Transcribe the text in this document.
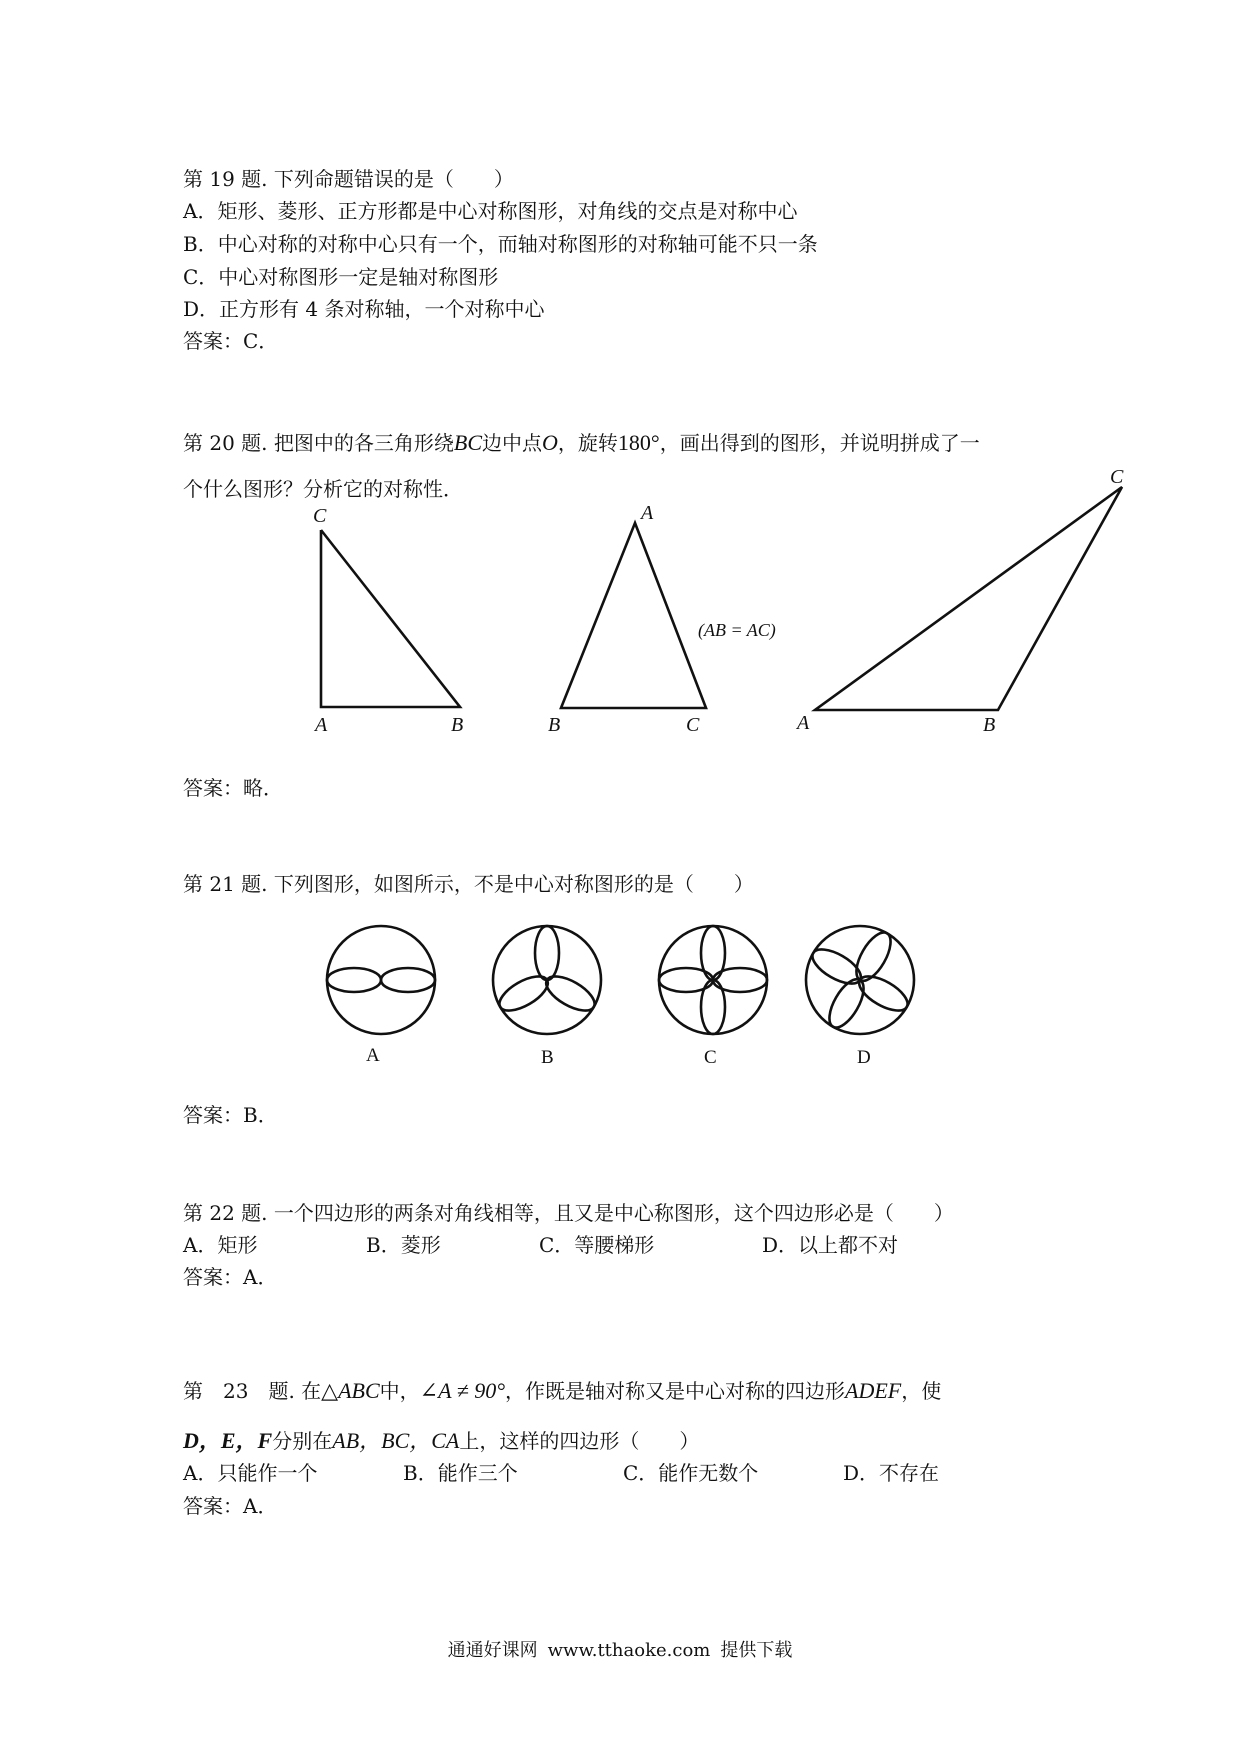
第 19 题. 下列命题错误的是（　　）
A．矩形、菱形、正方形都是中心对称图形，对角线的交点是对称中心
B．中心对称的对称中心只有一个，而轴对称图形的对称轴可能不只一条
C．中心对称图形一定是轴对称图形
D．正方形有 4 条对称轴，一个对称中心
答案：C．
第 20 题. 把图中的各三角形绕BC边中点O，旋转180°，画出得到的图形，并说明拼成了一
个什么图形？分析它的对称性．
C
A	B
A
B	C
(AB = AC)
C
A	B
答案：略．
第 21 题. 下列图形，如图所示，不是中心对称图形的是（　　）
A	B	C	D
答案：B．
第 22 题. 一个四边形的两条对角线相等，且又是中心称图形，这个四边形必是（　　）
A．矩形	B．菱形	C．等腰梯形	D．以上都不对
答案：A．
第　23　题. 在△ABC中，∠A ≠ 90°，作既是轴对称又是中心对称的四边形ADEF，使
D，E，F分别在AB，BC，CA上，这样的四边形（　　）
A．只能作一个	B．能作三个	C．能作无数个	D．不存在
答案：A．
通通好课网 www.tthaoke.com 提供下载
